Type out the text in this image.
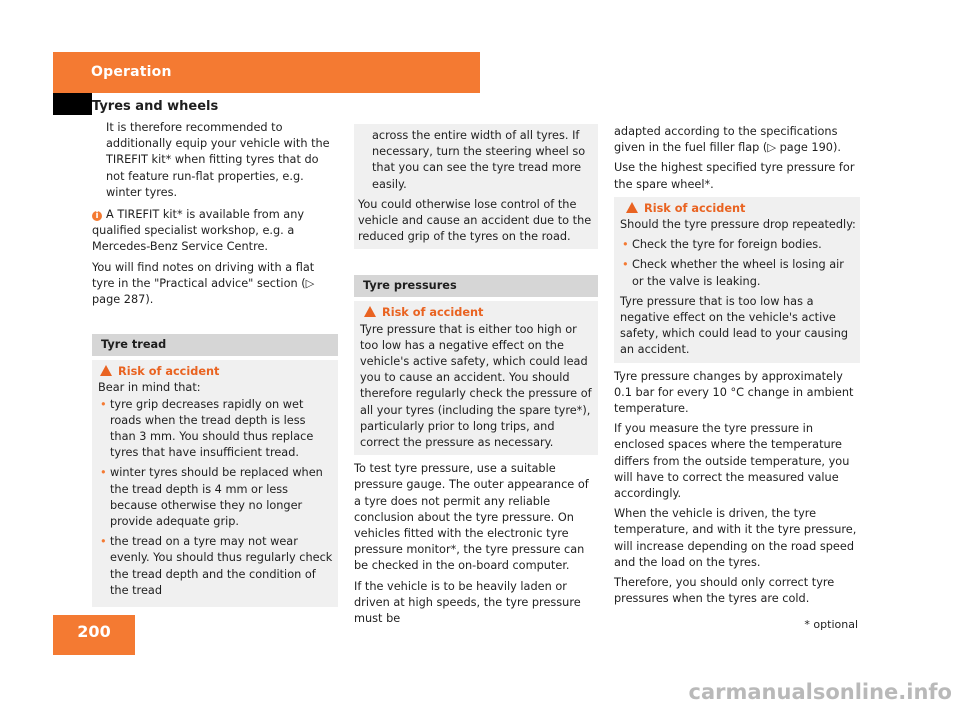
Operation
Tyres and wheels

It is therefore recommended to additionally equip your vehicle with the TIREFIT kit* when fitting tyres that do not feature run-flat properties, e.g. winter tyres.

i A TIREFIT kit* is available from any qualified specialist workshop, e.g. a Mercedes-Benz Service Centre.

You will find notes on driving with a flat tyre in the "Practical advice" section (▷ page 287).

Tyre tread
Risk of accident
Bear in mind that:
• tyre grip decreases rapidly on wet roads when the tread depth is less than 3 mm. You should thus replace tyres that have insufficient tread.
• winter tyres should be replaced when the tread depth is 4 mm or less because otherwise they no longer provide adequate grip.
• the tread on a tyre may not wear evenly. You should thus regularly check the tread depth and the condition of the tread

across the entire width of all tyres. If necessary, turn the steering wheel so that you can see the tyre tread more easily.

You could otherwise lose control of the vehicle and cause an accident due to the reduced grip of the tyres on the road.

Tyre pressures
Risk of accident
Tyre pressure that is either too high or too low has a negative effect on the vehicle's active safety, which could lead you to cause an accident. You should therefore regularly check the pressure of all your tyres (including the spare tyre*), particularly prior to long trips, and correct the pressure as necessary.

To test tyre pressure, use a suitable pressure gauge. The outer appearance of a tyre does not permit any reliable conclusion about the tyre pressure. On vehicles fitted with the electronic tyre pressure monitor*, the tyre pressure can be checked in the on-board computer.

If the vehicle is to be heavily laden or driven at high speeds, the tyre pressure must be

adapted according to the specifications given in the fuel filler flap (▷ page 190).

Use the highest specified tyre pressure for the spare wheel*.

Risk of accident
Should the tyre pressure drop repeatedly:
• Check the tyre for foreign bodies.
• Check whether the wheel is losing air or the valve is leaking.
Tyre pressure that is too low has a negative effect on the vehicle's active safety, which could lead to your causing an accident.

Tyre pressure changes by approximately 0.1 bar for every 10 °C change in ambient temperature.

If you measure the tyre pressure in enclosed spaces where the temperature differs from the outside temperature, you will have to correct the measured value accordingly.

When the vehicle is driven, the tyre temperature, and with it the tyre pressure, will increase depending on the road speed and the load on the tyres.

Therefore, you should only correct tyre pressures when the tyres are cold.

200	* optional
carmanualsonline.info
